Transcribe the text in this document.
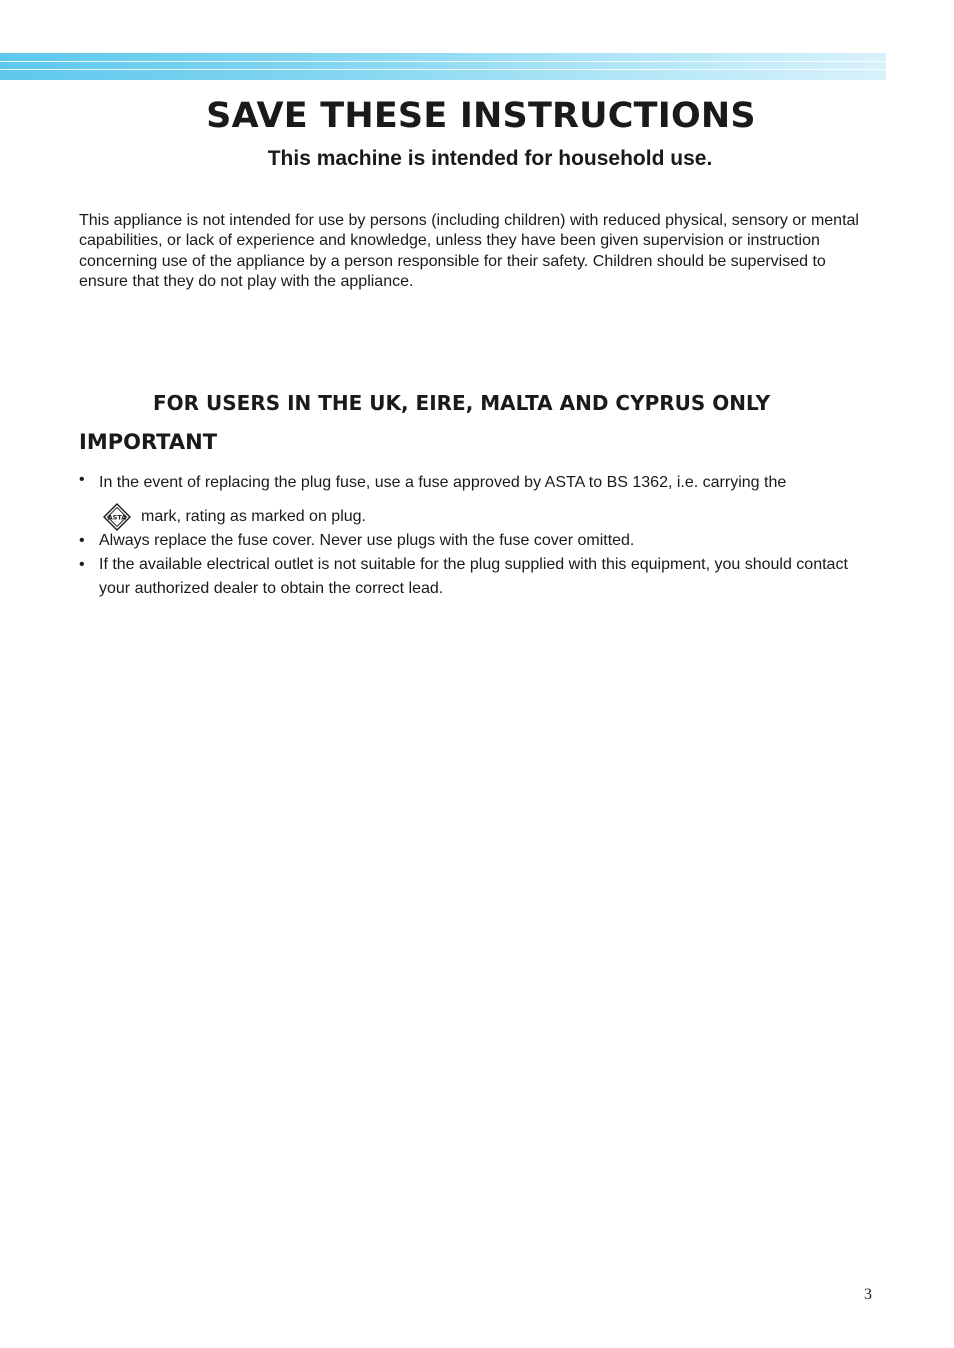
SAVE THESE INSTRUCTIONS
This machine is intended for household use.

This appliance is not intended for use by persons (including children) with reduced physical, sensory or mental capabilities, or lack of experience and knowledge, unless they have been given supervision or instruction concerning use of the appliance by a person responsible for their safety. Children should be supervised to ensure that they do not play with the appliance.

FOR USERS IN THE UK, EIRE, MALTA AND CYPRUS ONLY
IMPORTANT
• In the event of replacing the plug fuse, use a fuse approved by ASTA to BS 1362, i.e. carrying the
ASTA mark, rating as marked on plug.
• Always replace the fuse cover. Never use plugs with the fuse cover omitted.
• If the available electrical outlet is not suitable for the plug supplied with this equipment, you should contact your authorized dealer to obtain the correct lead.
3
